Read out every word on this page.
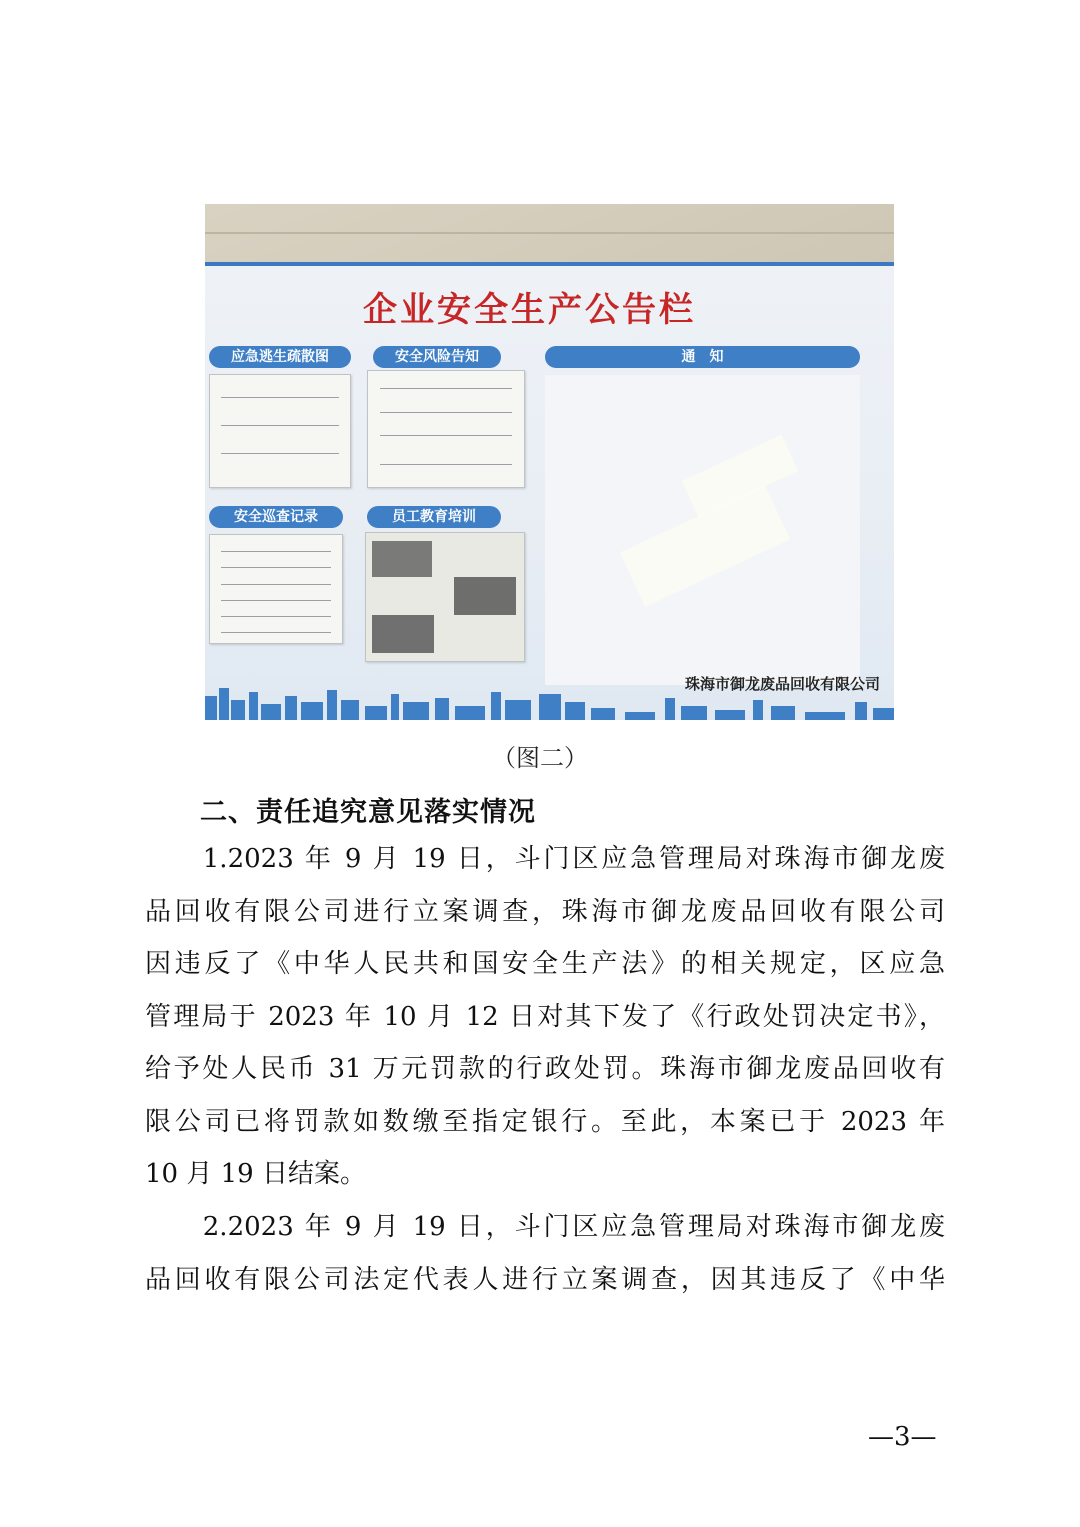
企业安全生产公告栏
应急逃生疏散图
安全巡查记录
安全风险告知
员工教育培训
通　知
珠海市御龙废品回收有限公司
（图二）
二、责任追究意见落实情况
　　1.2023 年 9 月 19 日，斗门区应急管理局对珠海市御龙废
品回收有限公司进行立案调查，珠海市御龙废品回收有限公司
因违反了《中华人民共和国安全生产法》的相关规定，区应急
管理局于 2023 年 10 月 12 日对其下发了《行政处罚决定书》，
给予处人民币 31 万元罚款的行政处罚。珠海市御龙废品回收有
限公司已将罚款如数缴至指定银行。至此，本案已于 2023 年
10 月 19 日结案。
　　2.2023 年 9 月 19 日，斗门区应急管理局对珠海市御龙废
品回收有限公司法定代表人进行立案调查，因其违反了《中华
—3—
